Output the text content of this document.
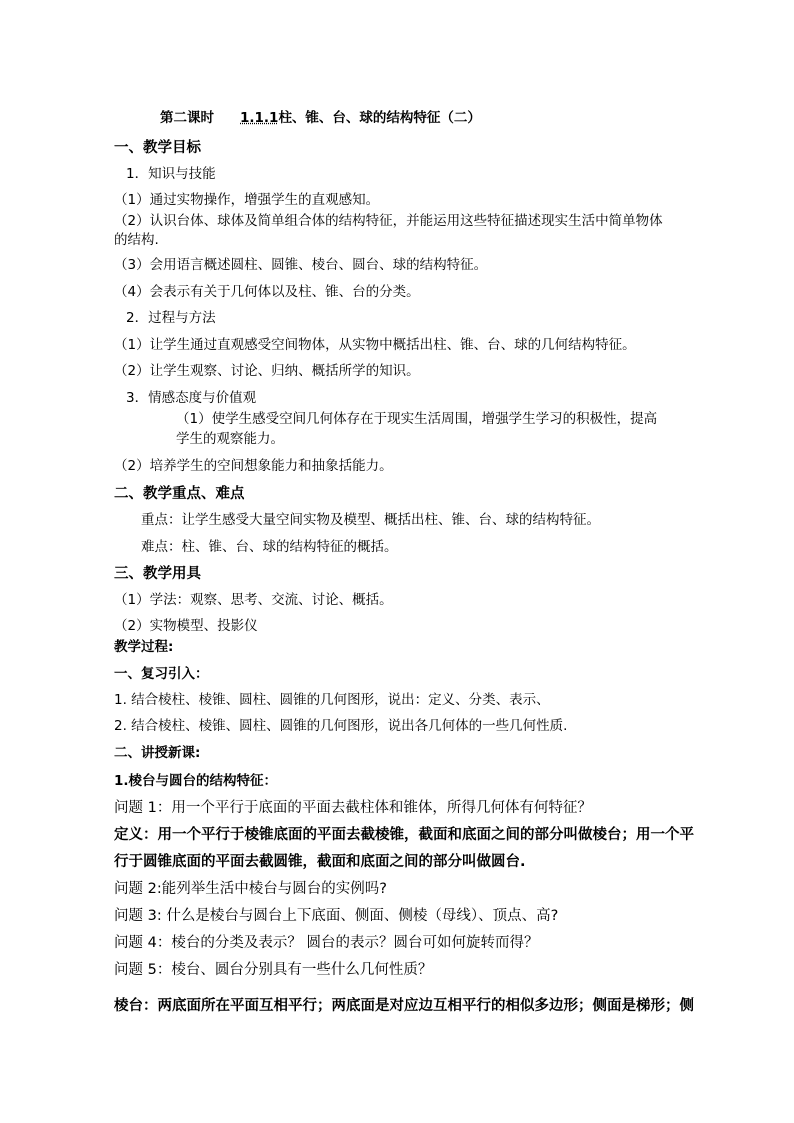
第二课时 1.1.1柱、锥、台、球的结构特征（二）
一、教学目标
1．知识与技能
（1）通过实物操作，增强学生的直观感知。
（2）认识台体、球体及简单组合体的结构特征，并能运用这些特征描述现实生活中简单物体
的结构.
（3）会用语言概述圆柱、圆锥、棱台、圆台、球的结构特征。
（4）会表示有关于几何体以及柱、锥、台的分类。
2．过程与方法
（1）让学生通过直观感受空间物体，从实物中概括出柱、锥、台、球的几何结构特征。
（2）让学生观察、讨论、归纳、概括所学的知识。
3．情感态度与价值观
（1）使学生感受空间几何体存在于现实生活周围，增强学生学习的积极性，提高
学生的观察能力。
（2）培养学生的空间想象能力和抽象括能力。
二、教学重点、难点
重点：让学生感受大量空间实物及模型、概括出柱、锥、台、球的结构特征。
难点：柱、锥、台、球的结构特征的概括。
三、教学用具
（1）学法：观察、思考、交流、讨论、概括。
（2）实物模型、投影仪
教学过程:
一、复习引入：
1. 结合棱柱、棱锥、圆柱、圆锥的几何图形，说出：定义、分类、表示、
2. 结合棱柱、棱锥、圆柱、圆锥的几何图形，说出各几何体的一些几何性质.
二、讲授新课:
1.棱台与圆台的结构特征：
问题 1：用一个平行于底面的平面去截柱体和锥体，所得几何体有何特征？
定义：用一个平行于棱锥底面的平面去截棱锥，截面和底面之间的部分叫做棱台；用一个平
行于圆锥底面的平面去截圆锥，截面和底面之间的部分叫做圆台.
问题 2:能列举生活中棱台与圆台的实例吗?
问题 3: 什么是棱台与圆台上下底面、侧面、侧棱（母线）、顶点、高?
问题 4：棱台的分类及表示？ 圆台的表示？圆台可如何旋转而得？
问题 5：棱台、圆台分别具有一些什么几何性质？
棱台：两底面所在平面互相平行；两底面是对应边互相平行的相似多边形；侧面是梯形；侧
